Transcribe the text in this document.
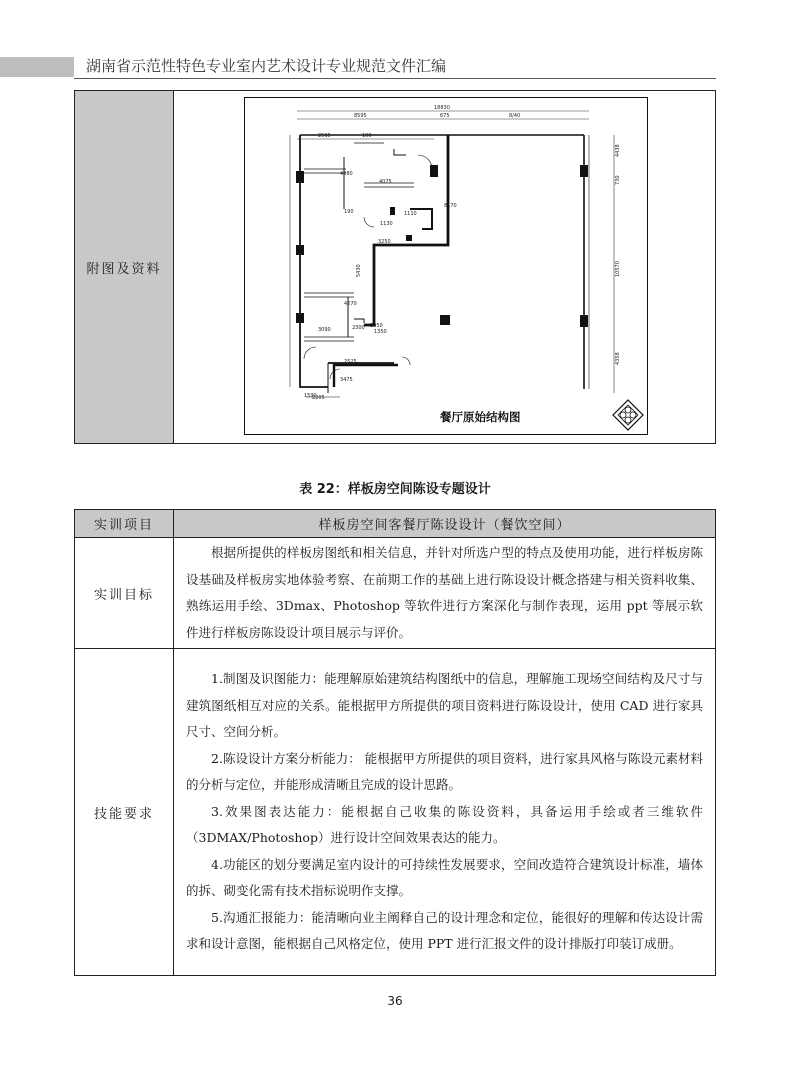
湖南省示范性特色专业室内艺术设计专业规范文件汇编
附图及资料	
18830
8595	675	8/40
2505	100
4438
730
10570
4358
4280
4075
1110
190
3250
1130
8170
5430
3090
4270
2525
3475
1590
2205
2300 1050
1350
餐厅原始结构图
表 22：样板房空间陈设专题设计
实训项目	样板房空间客餐厅陈设设计（餐饮空间）
实训目标	根据所提供的样板房图纸和相关信息，并针对所选户型的特点及使用功能，进行样板房陈设基础及样板房实地体验考察、在前期工作的基础上进行陈设设计概念搭建与相关资料收集、熟练运用手绘、3Dmax、Photoshop 等软件进行方案深化与制作表现，运用 ppt 等展示软件进行样板房陈设设计项目展示与评价。

技能要求	1.制图及识图能力：能理解原始建筑结构图纸中的信息，理解施工现场空间结构及尺寸与建筑图纸相互对应的关系。能根据甲方所提供的项目资料进行陈设设计，使用 CAD 进行家具尺寸、空间分析。

2.陈设设计方案分析能力： 能根据甲方所提供的项目资料，进行家具风格与陈设元素材料的分析与定位，并能形成清晰且完成的设计思路。

3.效果图表达能力：能根据自己收集的陈设资料，具备运用手绘或者三维软件（3DMAX/Photoshop）进行设计空间效果表达的能力。

4.功能区的划分要满足室内设计的可持续性发展要求，空间改造符合建筑设计标准，墙体的拆、砌变化需有技术指标说明作支撑。

5.沟通汇报能力：能清晰向业主阐释自己的设计理念和定位，能很好的理解和传达设计需求和设计意图，能根据自己风格定位，使用 PPT 进行汇报文件的设计排版打印装订成册。

36
